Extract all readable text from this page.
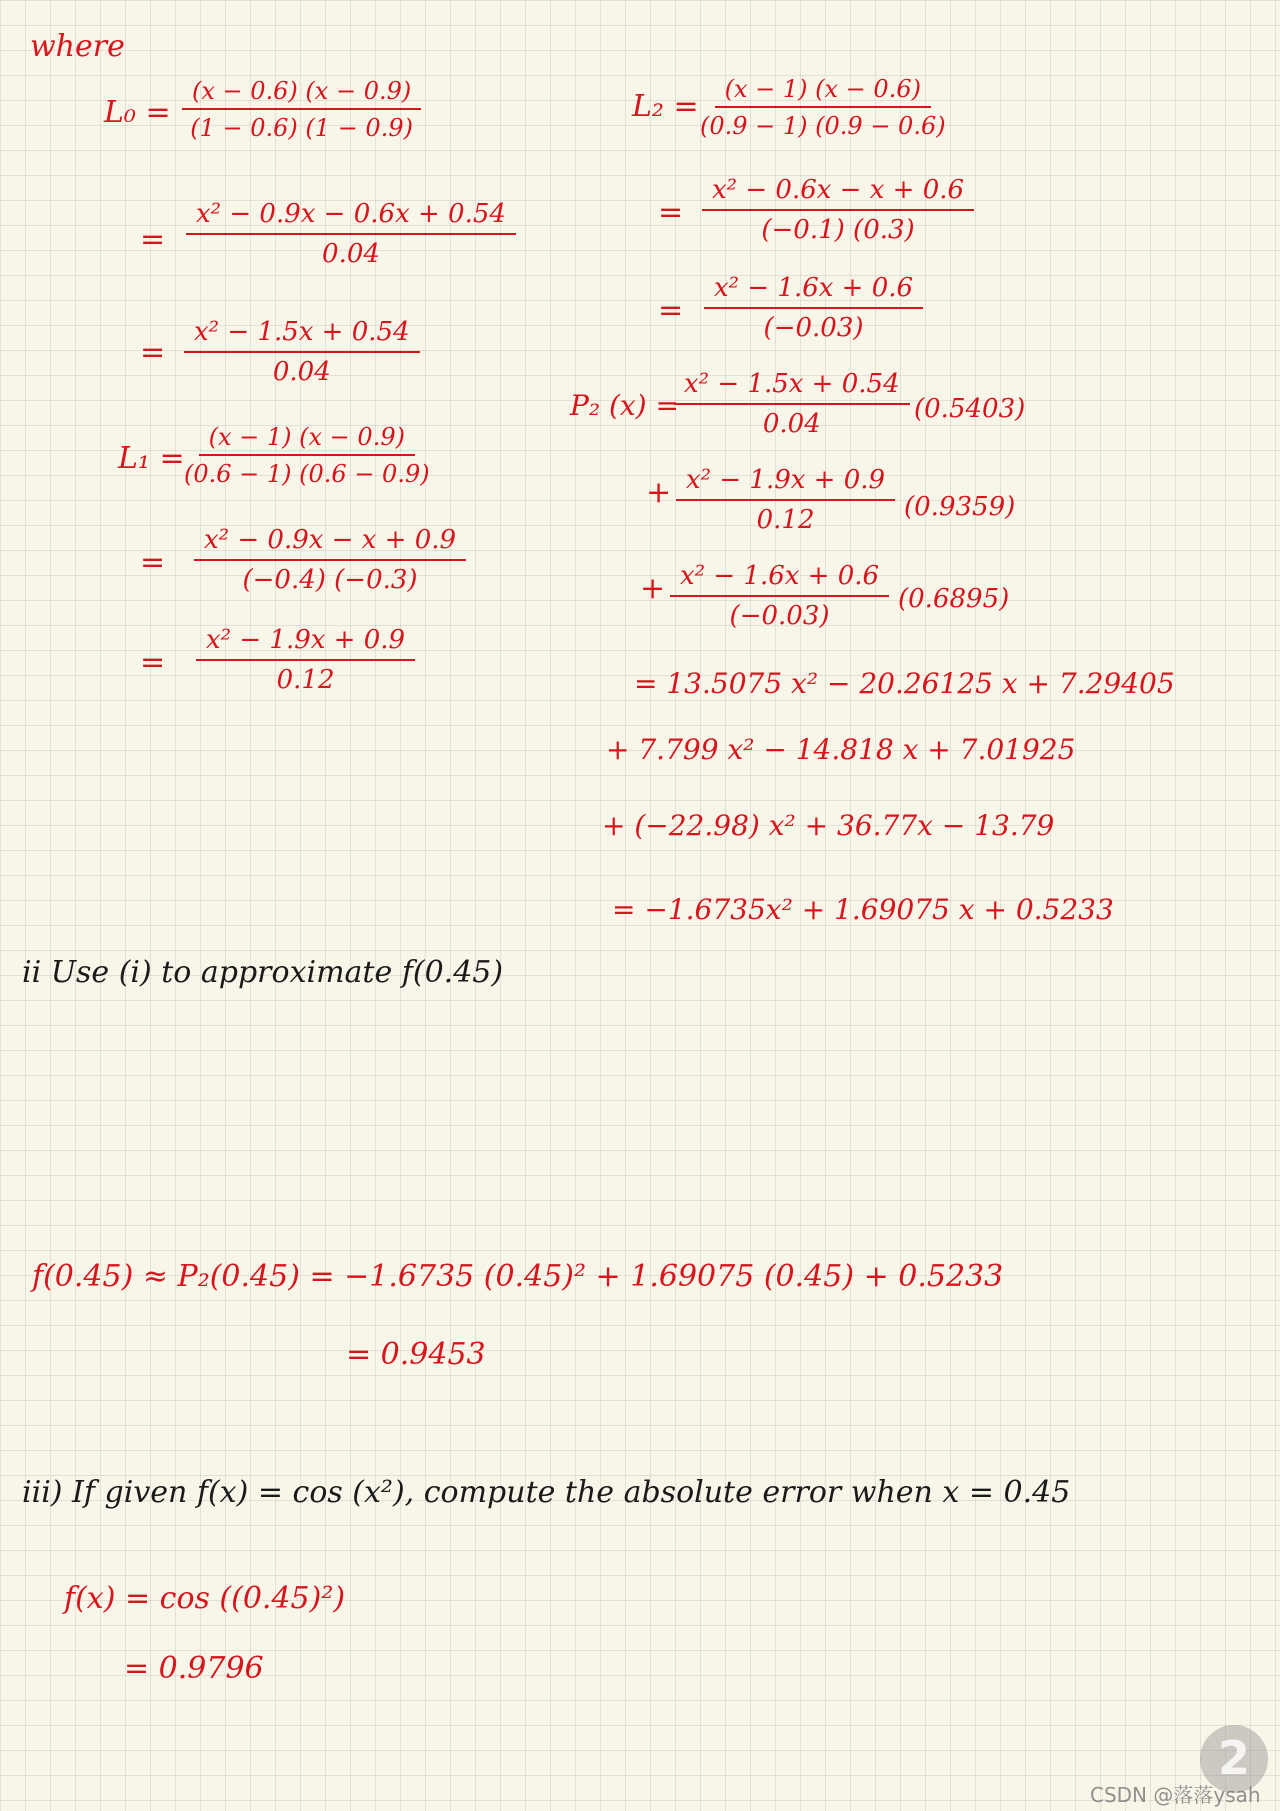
where
$L_0 = \frac{(x - 0.6) (x - 0.9)}{(1 - 0.6) (1 - 0.9)}$
= $\frac{\text{x² − 0.9x − 0.6x + 0.54}}{0.04}$
= $\frac{\text{x² − 1.5x + 0.54}}{0.04}$
$L_1 = \frac{(x - 1) (x - 0.9)}{(0.6 - 1) (0.6 - 0.9)}$
= $\frac{\text{x² − 0.9x − x + 0.9}}{(-0.4) (-0.3)}$
= $\frac{\text{x² − 1.9x + 0.9}}{0.12}$
$L_2 = \frac{(x - 1) (x - 0.6)}{(0.9 - 1) (0.9 - 0.6)}$
= $\frac{\text{x² − 0.6x − x + 0.6}}{(-0.1) (0.3)}$
= $\frac{\text{x² − 1.6x + 0.6}}{(-0.03)}$
P₂ (x) =
$\frac{\text{x² − 1.5x + 0.54}}{0.04} (0.5403)$
+ $\frac{\text{x² − 1.9x + 0.9}}{0.12} (0.9359)$
+ $\frac{\text{x² − 1.6x + 0.6}}{(-0.03)} (0.6895)$
= 13.5075 x² − 20.26125 x + 7.29405
+ 7.799 x² − 14.818 x + 7.01925
+ (−22.98) x² + 36.77x − 13.79
= −1.6735x² + 1.69075 x + 0.5233
ii Use (i) to approximate f(0.45)
f(0.45) ≈ P₂(0.45) = −1.6735 (0.45)² + 1.69075 (0.45) + 0.5233
= 0.9453
iii) If given f(x) = cos (x²), compute the absolute error when x = 0.45
f(x) = cos ((0.45)²)
= 0.9796
2
CSDN @落落ysah
